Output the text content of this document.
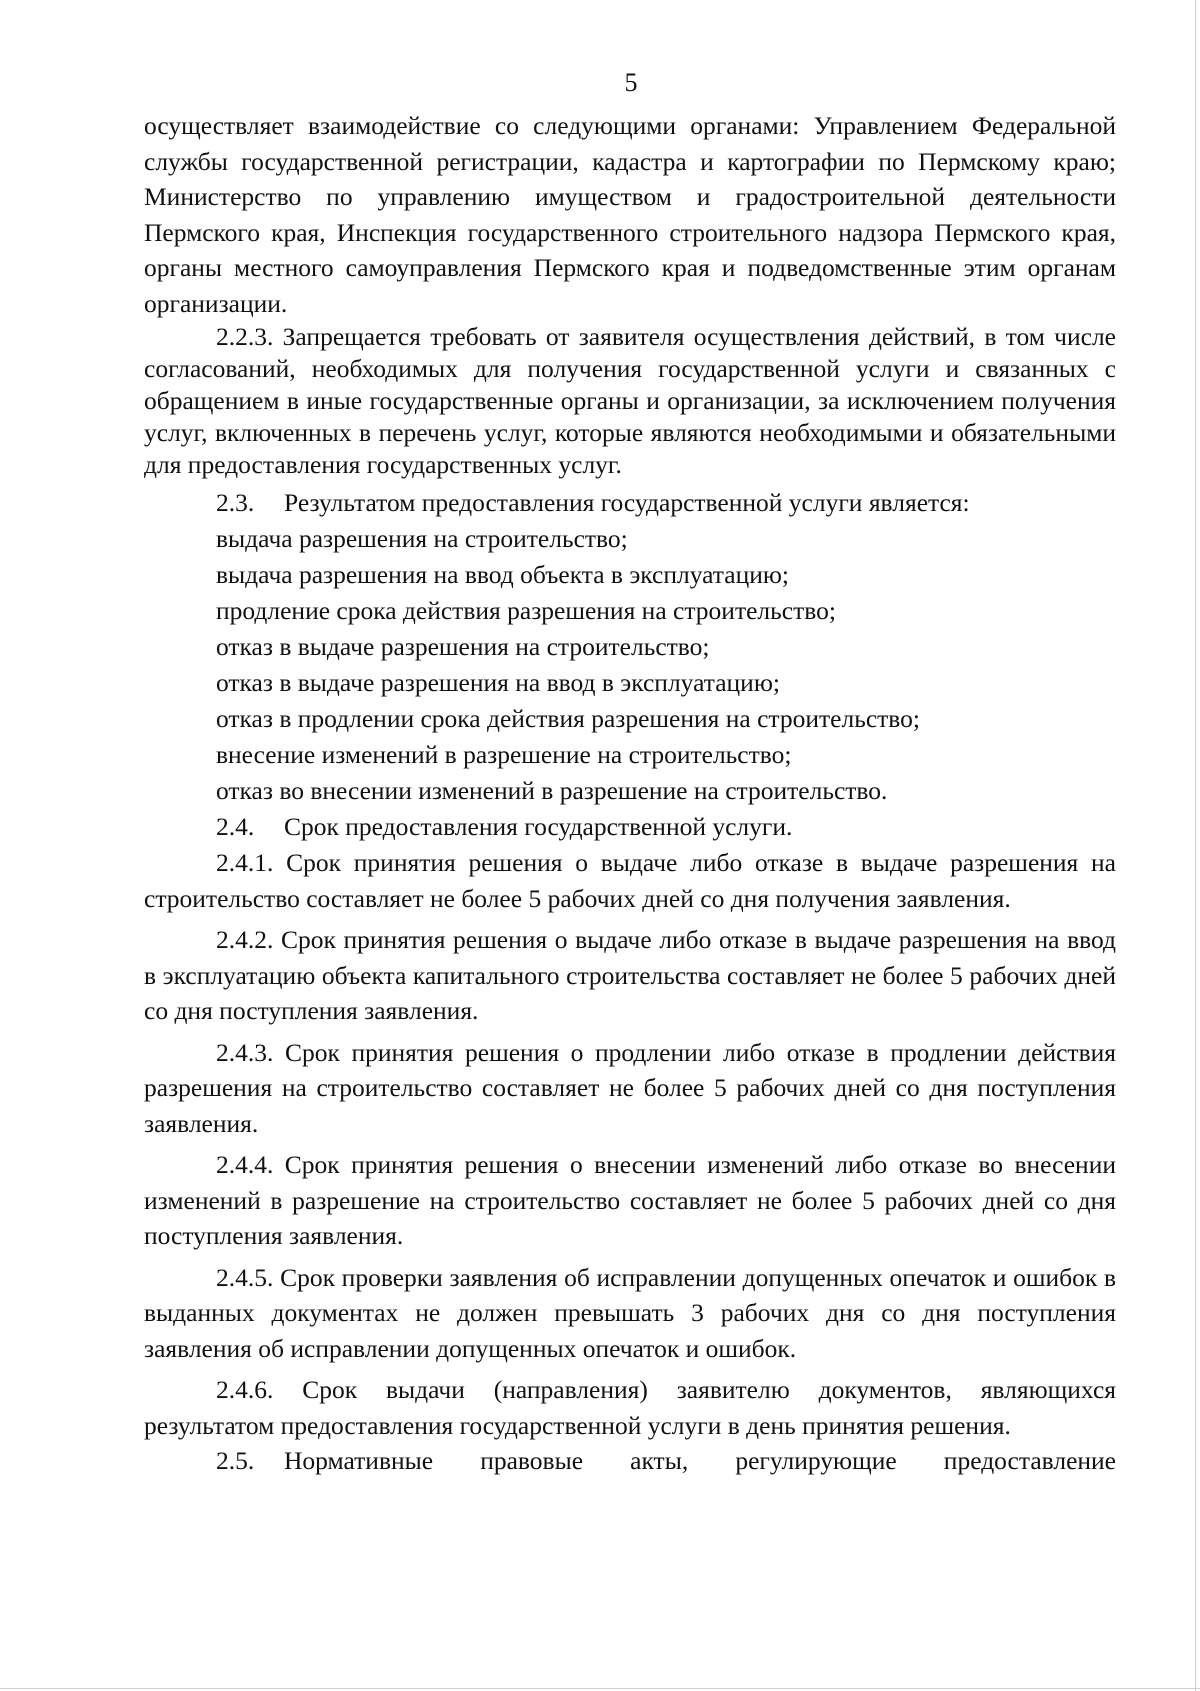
5

осуществляет взаимодействие со следующими органами: Управлением Федеральной службы государственной регистрации, кадастра и картографии по Пермскому краю; Министерство по управлению имуществом и градостроительной деятельности Пермского края, Инспекция государственного строительного надзора Пермского края, органы местного самоуправления Пермского края и подведомственные этим органам организации.

2.2.3. Запрещается требовать от заявителя осуществления действий, в том числе согласований, необходимых для получения государственной услуги и связанных с обращением в иные государственные органы и организации, за исключением получения услуг, включенных в перечень услуг, которые являются необходимыми и обязательными для предоставления государственных услуг.

2.3. Результатом предоставления государственной услуги является:

выдача разрешения на строительство;

выдача разрешения на ввод объекта в эксплуатацию;

продление срока действия разрешения на строительство;

отказ в выдаче разрешения на строительство;

отказ в выдаче разрешения на ввод в эксплуатацию;

отказ в продлении срока действия разрешения на строительство;

внесение изменений в разрешение на строительство;

отказ во внесении изменений в разрешение на строительство.

2.4. Срок предоставления государственной услуги.

2.4.1. Срок принятия решения о выдаче либо отказе в выдаче разрешения на строительство составляет не более 5 рабочих дней со дня получения заявления.

2.4.2. Срок принятия решения о выдаче либо отказе в выдаче разрешения на ввод в эксплуатацию объекта капитального строительства составляет не более 5 рабочих дней со дня поступления заявления.

2.4.3. Срок принятия решения о продлении либо отказе в продлении действия разрешения на строительство составляет не более 5 рабочих дней со дня поступления заявления.

2.4.4. Срок принятия решения о внесении изменений либо отказе во внесении изменений в разрешение на строительство составляет не более 5 рабочих дней со дня поступления заявления.

2.4.5. Срок проверки заявления об исправлении допущенных опечаток и ошибок в выданных документах не должен превышать 3 рабочих дня со дня поступления заявления об исправлении допущенных опечаток и ошибок.

2.4.6. Срок выдачи (направления) заявителю документов, являющихся результатом предоставления государственной услуги в день принятия решения.

2.5. Нормативные правовые акты, регулирующие предоставление
